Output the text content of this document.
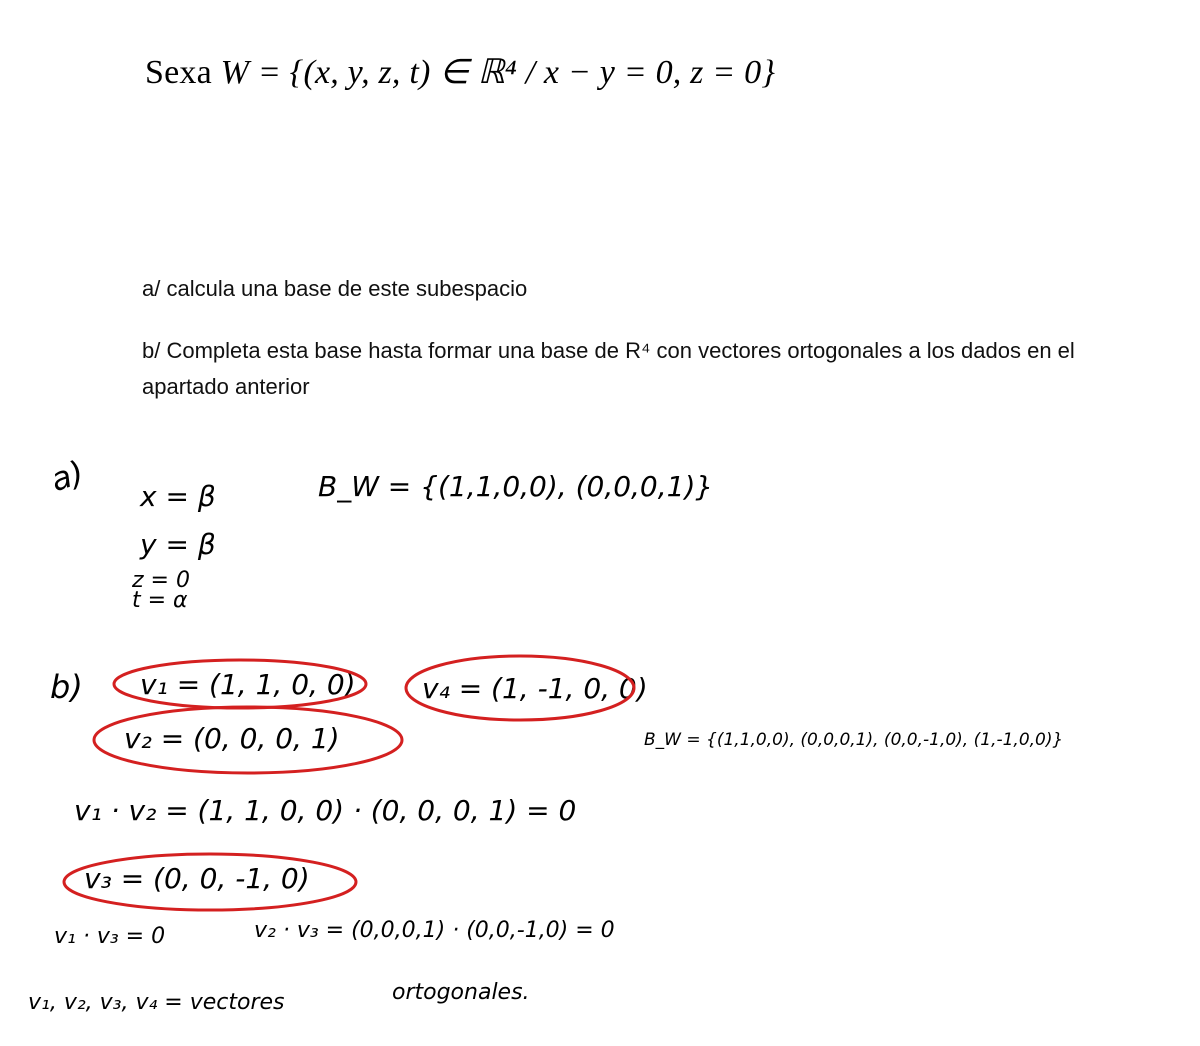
Sexa W = {(x, y, z, t) ∈ ℝ⁴ / x − y = 0, z = 0}
a/ calcula una base de este subespacio
b/ Completa esta base hasta formar una base de R⁴ con vectores ortogonales a los dados en el
apartado anterior
a) x = β
y = β
z = 0
t = α
B_W = {(1,1,0,0), (0,0,0,1)}
b) v₁ = (1, 1, 0, 0) v₄ = (1, -1, 0, 0)
v₂ = (0, 0, 0, 1)	B_W = {(1,1,0,0), (0,0,0,1), (0,0,-1,0), (1,-1,0,0)}
v₁ · v₂ = (1, 1, 0, 0) · (0, 0, 0, 1) = 0
v₃ = (0, 0, -1, 0)
v₁ · v₃ = 0	v₂ · v₃ = (0,0,0,1) · (0,0,-1,0) = 0
v₁, v₂, v₃, v₄ = vectores	ortogonales.
